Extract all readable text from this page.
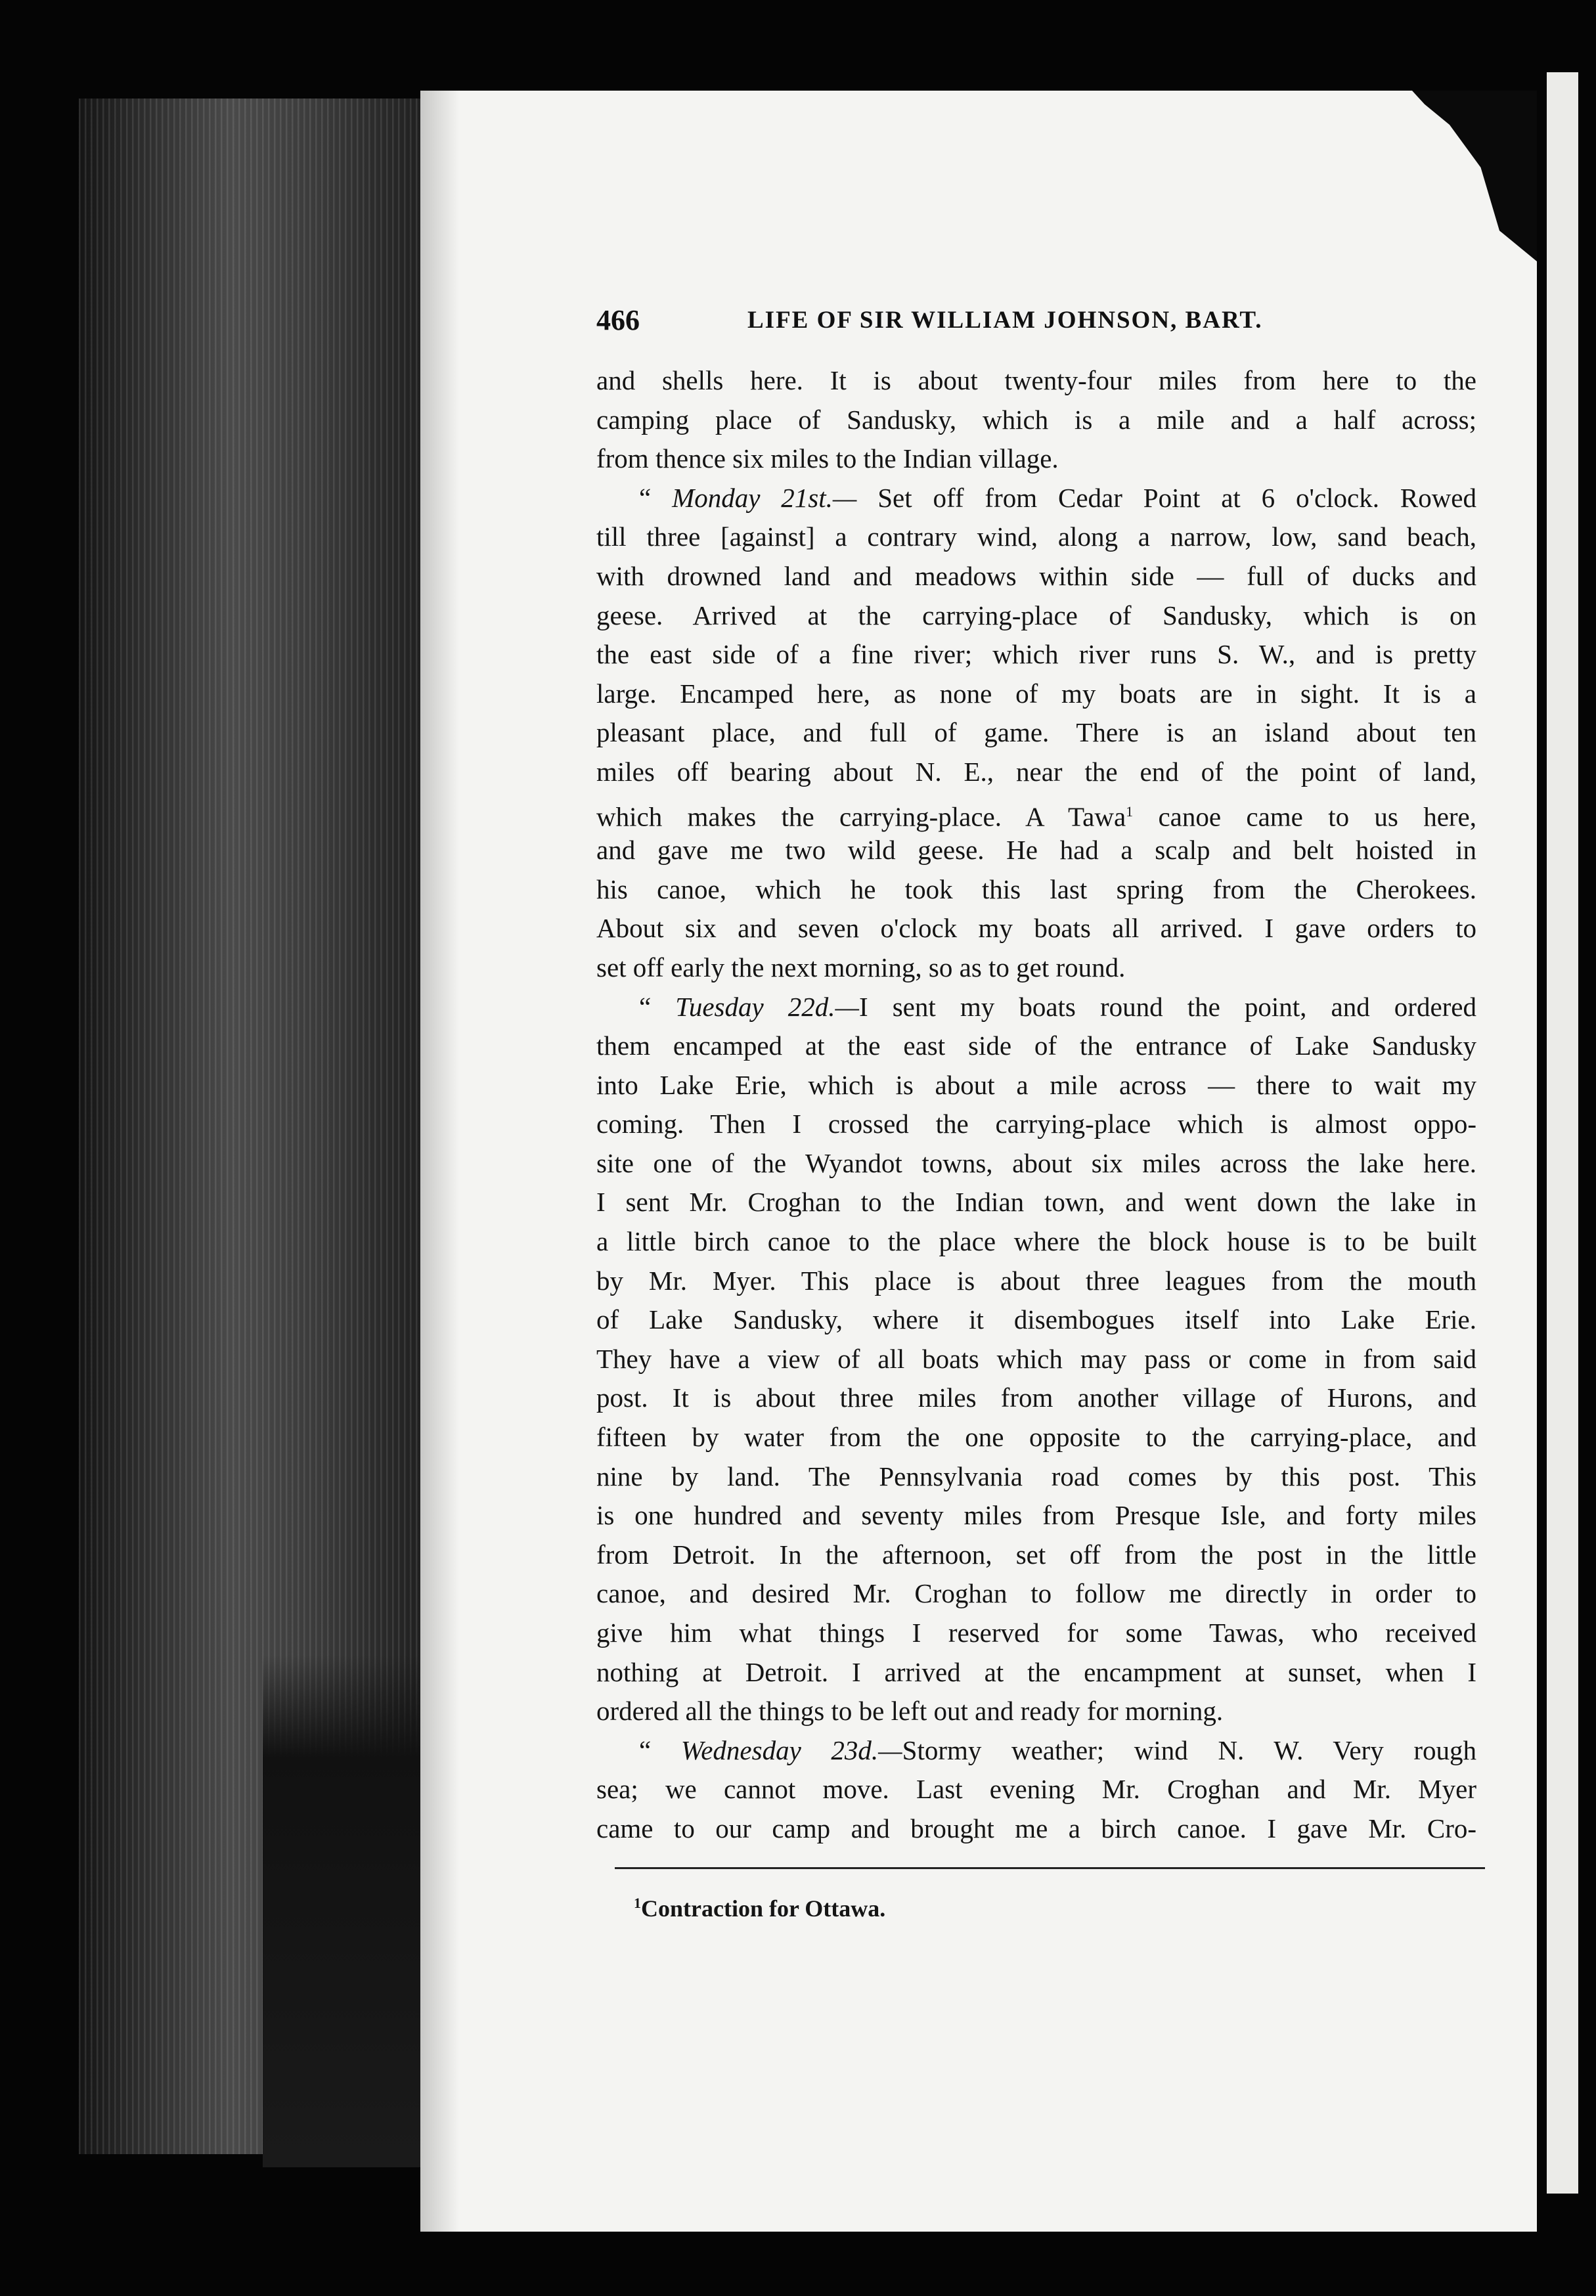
466	LIFE OF SIR WILLIAM JOHNSON, BART.
and shells here. It is about twenty-four miles from here to the
camping place of Sandusky, which is a mile and a half across;
from thence six miles to the Indian village.
“ Monday 21st.— Set off from Cedar Point at 6 o'clock. Rowed
till three [against] a contrary wind, along a narrow, low, sand beach,
with drowned land and meadows within side — full of ducks and
geese. Arrived at the carrying-place of Sandusky, which is on
the east side of a fine river; which river runs S. W., and is pretty
large. Encamped here, as none of my boats are in sight. It is a
pleasant place, and full of game. There is an island about ten
miles off bearing about N. E., near the end of the point of land,
which makes the carrying-place. A Tawa$^1$ canoe came to us here,
and gave me two wild geese. He had a scalp and belt hoisted in
his canoe, which he took this last spring from the Cherokees.
About six and seven o'clock my boats all arrived. I gave orders to
set off early the next morning, so as to get round.
“ Tuesday 22d.—I sent my boats round the point, and ordered
them encamped at the east side of the entrance of Lake Sandusky
into Lake Erie, which is about a mile across — there to wait my
coming. Then I crossed the carrying-place which is almost oppo-
site one of the Wyandot towns, about six miles across the lake here.
I sent Mr. Croghan to the Indian town, and went down the lake in
a little birch canoe to the place where the block house is to be built
by Mr. Myer. This place is about three leagues from the mouth
of Lake Sandusky, where it disembogues itself into Lake Erie.
They have a view of all boats which may pass or come in from said
post. It is about three miles from another village of Hurons, and
fifteen by water from the one opposite to the carrying-place, and
nine by land. The Pennsylvania road comes by this post. This
is one hundred and seventy miles from Presque Isle, and forty miles
from Detroit. In the afternoon, set off from the post in the little
canoe, and desired Mr. Croghan to follow me directly in order to
give him what things I reserved for some Tawas, who received
nothing at Detroit. I arrived at the encampment at sunset, when I
ordered all the things to be left out and ready for morning.
“ Wednesday 23d.—Stormy weather; wind N. W. Very rough
sea; we cannot move. Last evening Mr. Croghan and Mr. Myer
came to our camp and brought me a birch canoe. I gave Mr. Cro-
$^1$Contraction for Ottawa.
